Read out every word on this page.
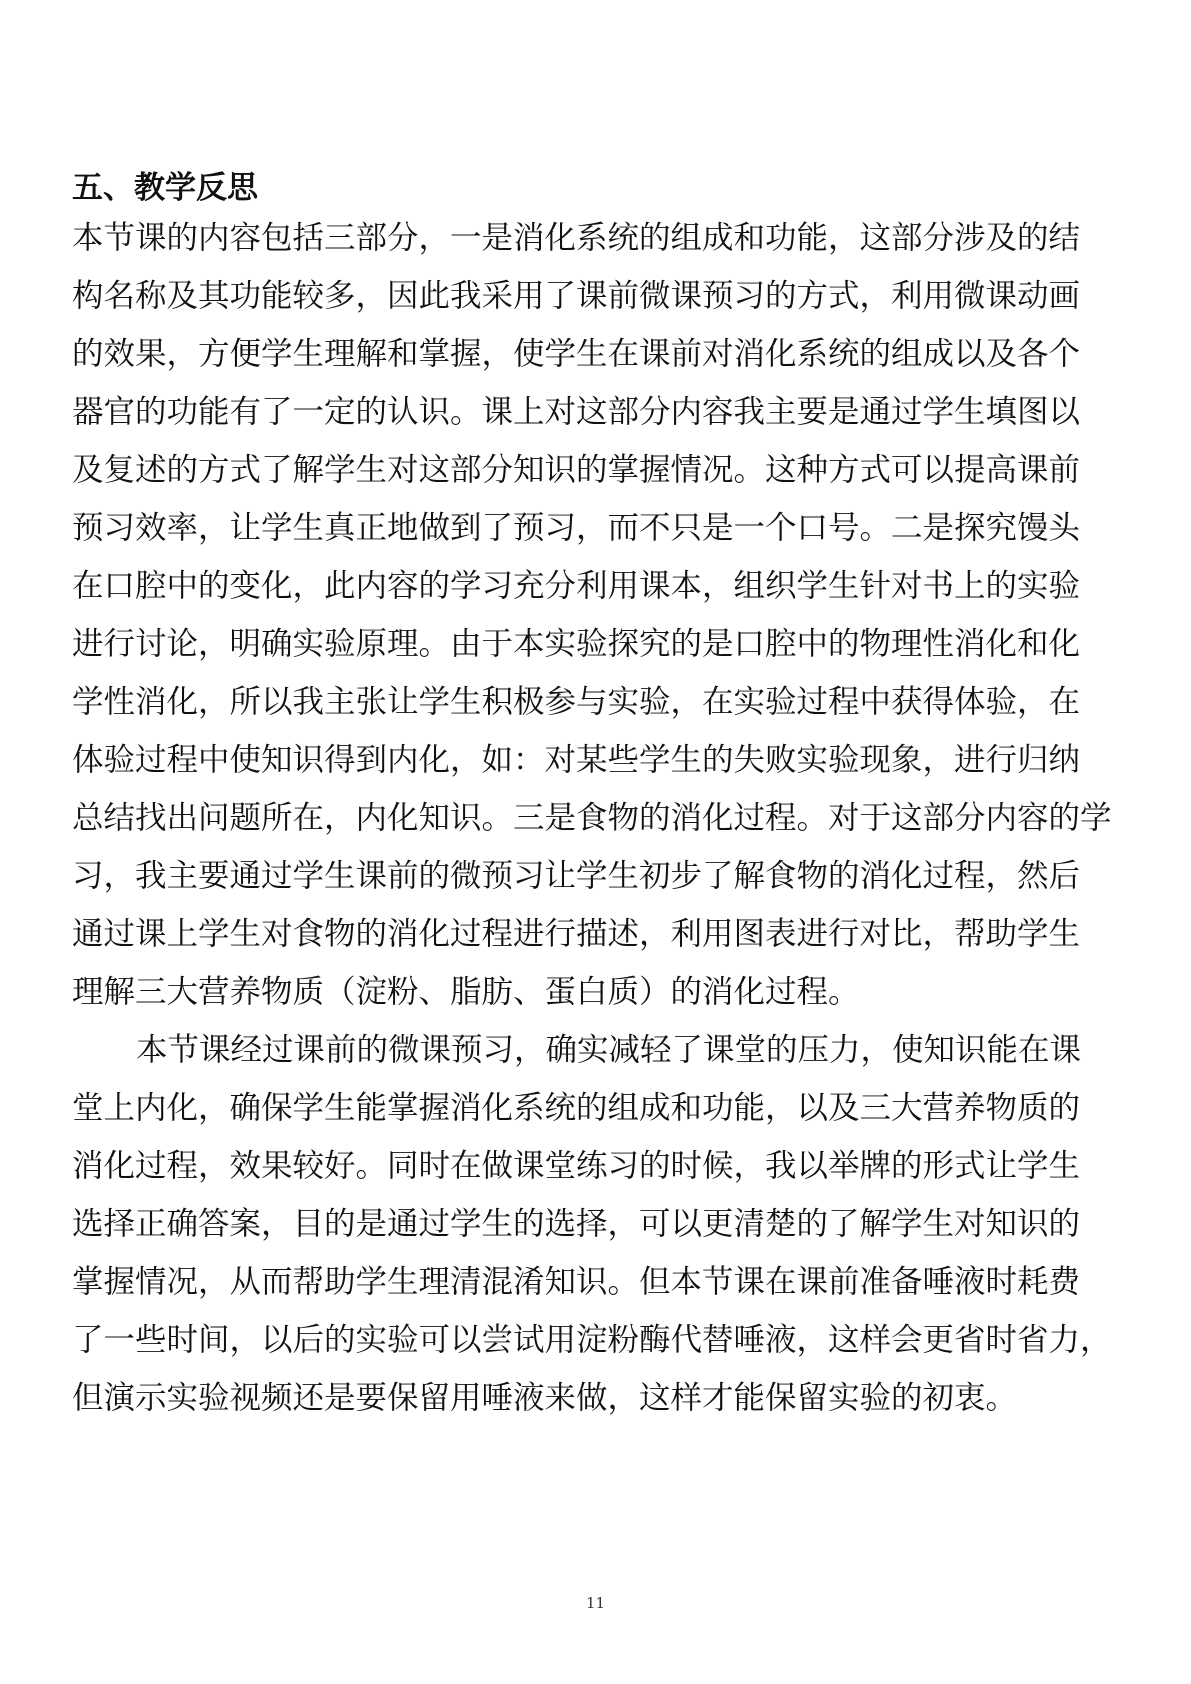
五、教学反思

本节课的内容包括三部分，一是消化系统的组成和功能，这部分涉及的结

构名称及其功能较多，因此我采用了课前微课预习的方式，利用微课动画

的效果，方便学生理解和掌握，使学生在课前对消化系统的组成以及各个

器官的功能有了一定的认识。课上对这部分内容我主要是通过学生填图以

及复述的方式了解学生对这部分知识的掌握情况。这种方式可以提高课前

预习效率，让学生真正地做到了预习，而不只是一个口号。二是探究馒头

在口腔中的变化，此内容的学习充分利用课本，组织学生针对书上的实验

进行讨论，明确实验原理。由于本实验探究的是口腔中的物理性消化和化

学性消化，所以我主张让学生积极参与实验，在实验过程中获得体验，在

体验过程中使知识得到内化，如：对某些学生的失败实验现象，进行归纳

总结找出问题所在，内化知识。三是食物的消化过程。对于这部分内容的学

习，我主要通过学生课前的微预习让学生初步了解食物的消化过程，然后

通过课上学生对食物的消化过程进行描述，利用图表进行对比，帮助学生

理解三大营养物质（淀粉、脂肪、蛋白质）的消化过程。

本节课经过课前的微课预习，确实减轻了课堂的压力，使知识能在课

堂上内化，确保学生能掌握消化系统的组成和功能，以及三大营养物质的

消化过程，效果较好。同时在做课堂练习的时候，我以举牌的形式让学生

选择正确答案，目的是通过学生的选择，可以更清楚的了解学生对知识的

掌握情况，从而帮助学生理清混淆知识。但本节课在课前准备唾液时耗费

了一些时间，以后的实验可以尝试用淀粉酶代替唾液，这样会更省时省力，

但演示实验视频还是要保留用唾液来做，这样才能保留实验的初衷。

11
